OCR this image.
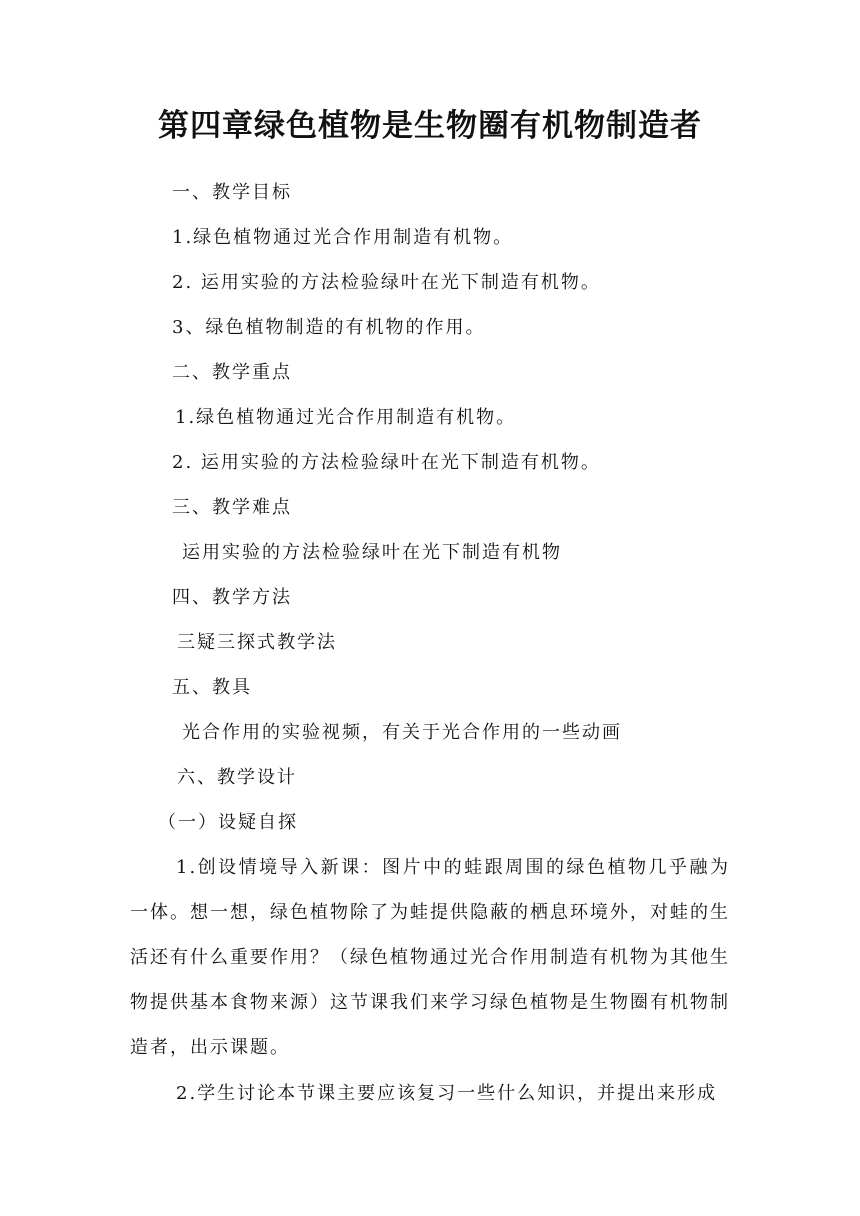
第四章绿色植物是生物圈有机物制造者
一、教学目标
1.绿色植物通过光合作用制造有机物。
2. 运用实验的方法检验绿叶在光下制造有机物。
3、绿色植物制造的有机物的作用。
二、教学重点
1.绿色植物通过光合作用制造有机物。
2. 运用实验的方法检验绿叶在光下制造有机物。
三、教学难点
运用实验的方法检验绿叶在光下制造有机物
四、教学方法
三疑三探式教学法
五、教具
光合作用的实验视频，有关于光合作用的一些动画
六、教学设计
（一）设疑自探
1.创设情境导入新课：图片中的蛙跟周围的绿色植物几乎融为一体。想一想，绿色植物除了为蛙提供隐蔽的栖息环境外，对蛙的生活还有什么重要作用？（绿色植物通过光合作用制造有机物为其他生物提供基本食物来源）这节课我们来学习绿色植物是生物圈有机物制造者，出示课题。
2.学生讨论本节课主要应该复习一些什么知识，并提出来形成
